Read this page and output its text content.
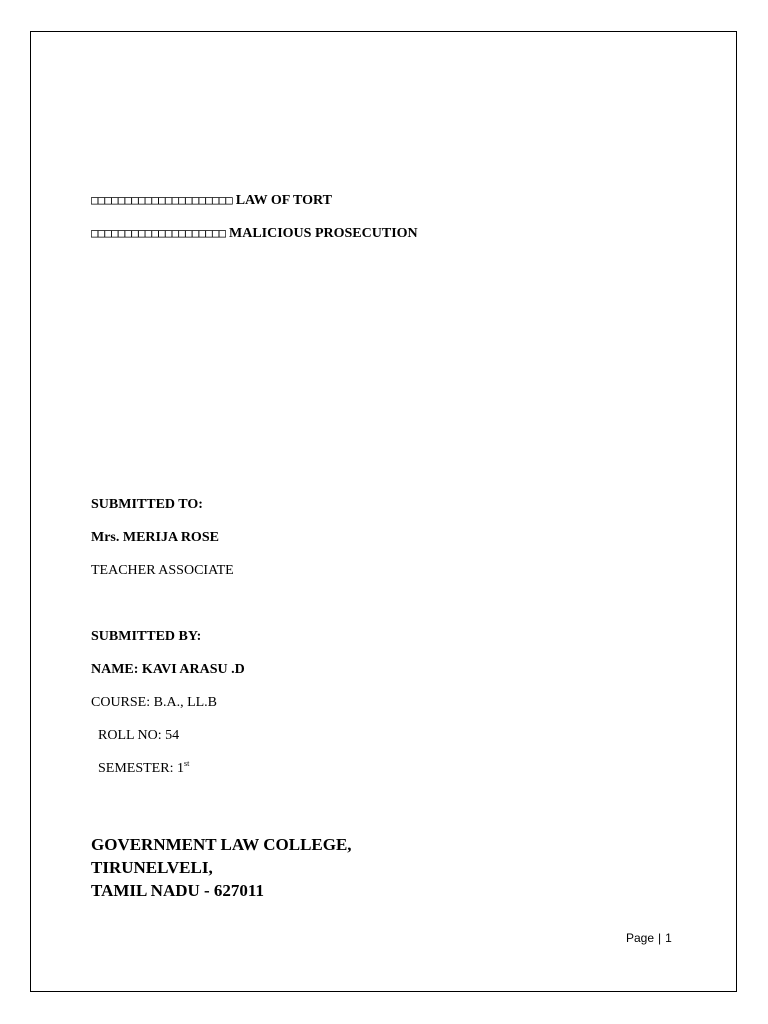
□□□□□□□□□□□□□□□□□□□□□ LAW OF TORT
□□□□□□□□□□□□□□□□□□□□ MALICIOUS PROSECUTION
SUBMITTED TO:
Mrs. MERIJA ROSE
TEACHER ASSOCIATE
SUBMITTED BY:
NAME: KAVI ARASU .D
COURSE: B.A., LL.B
ROLL NO: 54
SEMESTER: 1st
GOVERNMENT LAW COLLEGE,
TIRUNELVELI,
TAMIL NADU - 627011
Page | 1
